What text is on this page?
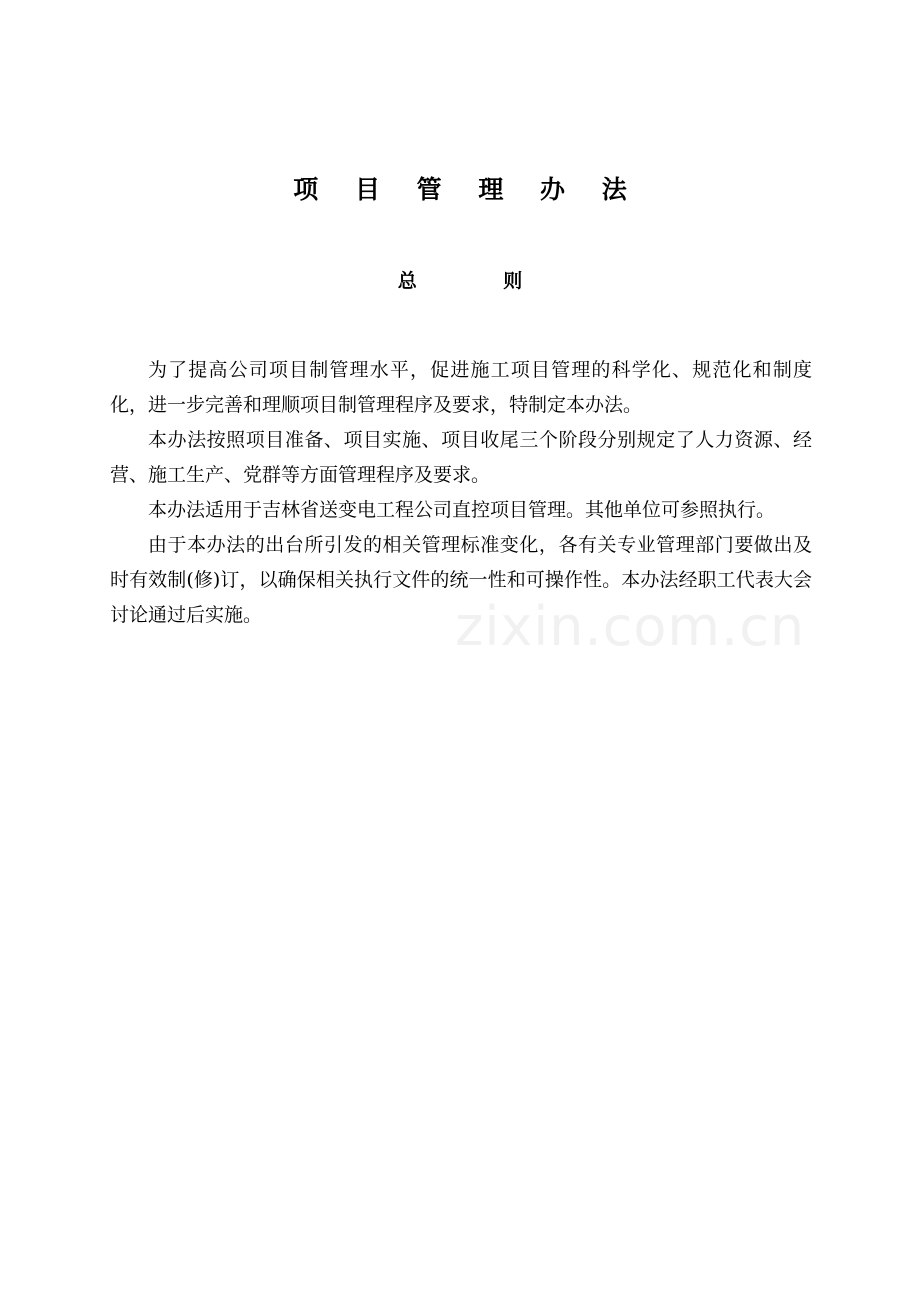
项 目 管 理 办 法
总 则

为了提高公司项目制管理水平，促进施工项目管理的科学化、规范化和制度化，进一步完善和理顺项目制管理程序及要求，特制定本办法。

本办法按照项目准备、项目实施、项目收尾三个阶段分别规定了人力资源、经营、施工生产、党群等方面管理程序及要求。

本办法适用于吉林省送变电工程公司直控项目管理。其他单位可参照执行。

由于本办法的出台所引发的相关管理标准变化，各有关专业管理部门要做出及时有效制(修)订，以确保相关执行文件的统一性和可操作性。本办法经职工代表大会讨论通过后实施。	zixin.com.cn
